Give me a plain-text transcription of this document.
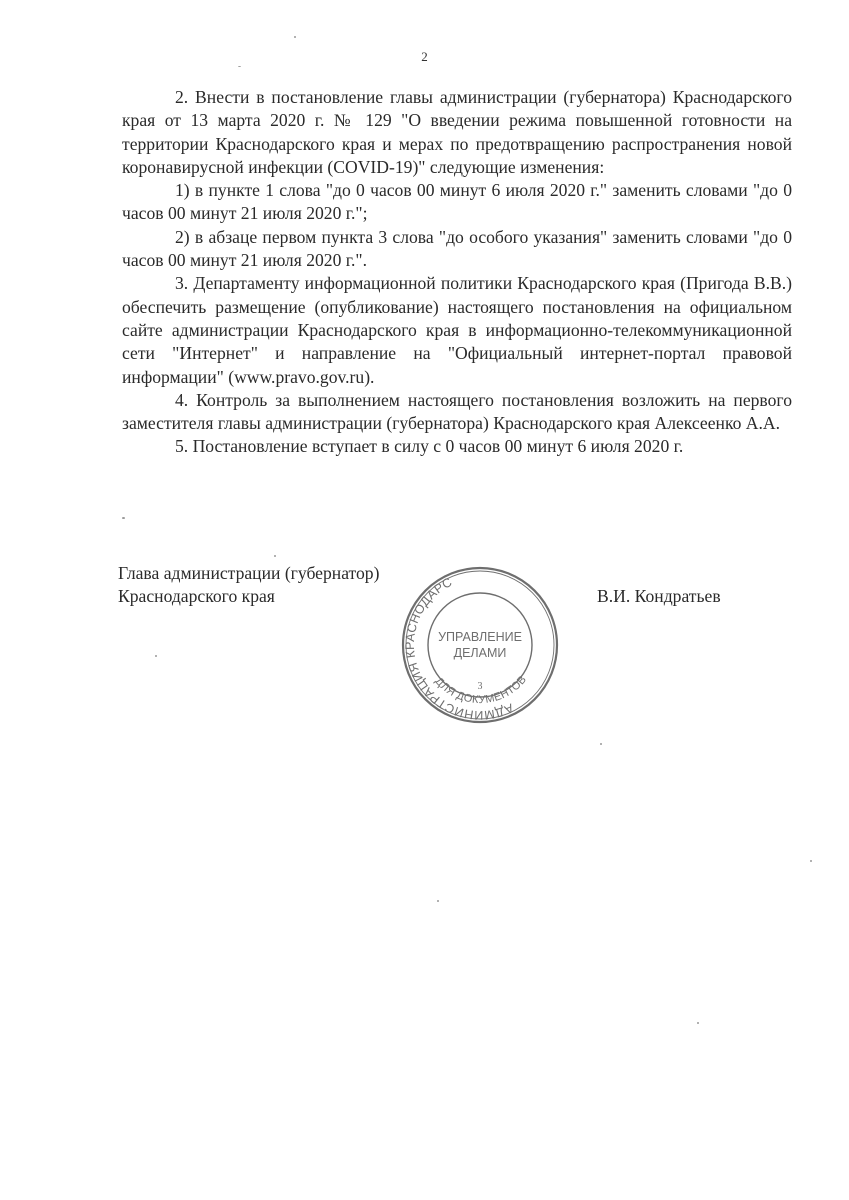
2

2. Внести в постановление главы администрации (губернатора) Краснодарского края от 13 марта 2020 г. № 129 "О введении режима повышенной готовности на территории Краснодарского края и мерах по предотвращению распространения новой коронавирусной инфекции (COVID-19)" следующие изменения:

1) в пункте 1 слова "до 0 часов 00 минут 6 июля 2020 г." заменить словами "до 0 часов 00 минут 21 июля 2020 г.";

2) в абзаце первом пункта 3 слова "до особого указания" заменить словами "до 0 часов 00 минут 21 июля 2020 г.".

3. Департаменту информационной политики Краснодарского края (Пригода В.В.) обеспечить размещение (опубликование) настоящего постановления на официальном сайте администрации Краснодарского края в информационно-телекоммуникационной сети "Интернет" и направление на "Официальный интернет-портал правовой информации" (www.pravo.gov.ru).

4. Контроль за выполнением настоящего постановления возложить на первого заместителя главы администрации (губернатора) Краснодарского края Алексеенко А.А.

5. Постановление вступает в силу с 0 часов 00 минут 6 июля 2020 г.

Глава администрации (губернатор)
Краснодарского края	В.И. Кондратьев
АДМИНИСТРАЦИЯ КРАСНОДАРСКОГО
ДЛЯ ДОКУМЕНТОВ
УПРАВЛЕНИЕ
ДЕЛАМИ
3
